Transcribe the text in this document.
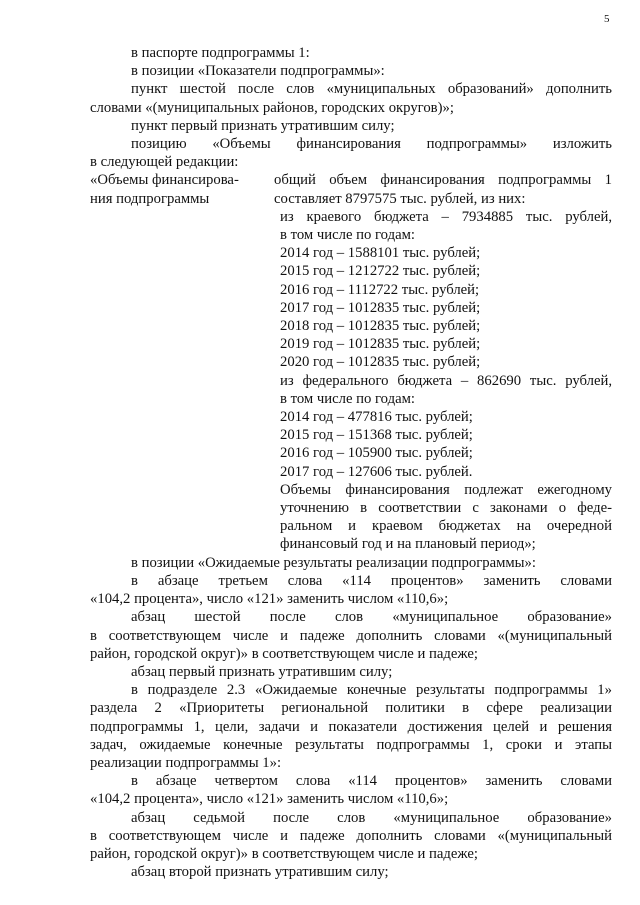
5
в паспорте подпрограммы 1:
в позиции «Показатели подпрограммы»:
пункт шестой после слов «муниципальных образований» дополнить
словами «(муниципальных районов, городских округов)»;
пункт первый признать утратившим силу;
позицию «Объемы финансирования подпрограммы» изложить
в следующей редакции:
«Объемы финансирова-
ния подпрограммы
общий объем финансирования подпрограммы 1
составляет 8797575 тыс. рублей, из них:
из краевого бюджета – 7934885 тыс. рублей,
в том числе по годам:
2014 год – 1588101 тыс. рублей;
2015 год – 1212722 тыс. рублей;
2016 год – 1112722 тыс. рублей;
2017 год – 1012835 тыс. рублей;
2018 год – 1012835 тыс. рублей;
2019 год – 1012835 тыс. рублей;
2020 год – 1012835 тыс. рублей;
из федерального бюджета – 862690 тыс. рублей,
в том числе по годам:
2014 год – 477816 тыс. рублей;
2015 год – 151368 тыс. рублей;
2016 год – 105900 тыс. рублей;
2017 год – 127606 тыс. рублей.
Объемы финансирования подлежат ежегодному
уточнению в соответствии с законами о феде-
ральном и краевом бюджетах на очередной
финансовый год и на плановый период»;
в позиции «Ожидаемые результаты реализации подпрограммы»:
в абзаце третьем слова «114 процентов» заменить словами
«104,2 процента», число «121» заменить числом «110,6»;
абзац шестой после слов «муниципальное образование»
в соответствующем числе и падеже дополнить словами «(муниципальный
район, городской округ)» в соответствующем числе и падеже;
абзац первый признать утратившим силу;
в подразделе 2.3 «Ожидаемые конечные результаты подпрограммы 1»
раздела 2 «Приоритеты региональной политики в сфере реализации
подпрограммы 1, цели, задачи и показатели достижения целей и решения
задач, ожидаемые конечные результаты подпрограммы 1, сроки и этапы
реализации подпрограммы 1»:
в абзаце четвертом слова «114 процентов» заменить словами
«104,2 процента», число «121» заменить числом «110,6»;
абзац седьмой после слов «муниципальное образование»
в соответствующем числе и падеже дополнить словами «(муниципальный
район, городской округ)» в соответствующем числе и падеже;
абзац второй признать утратившим силу;
